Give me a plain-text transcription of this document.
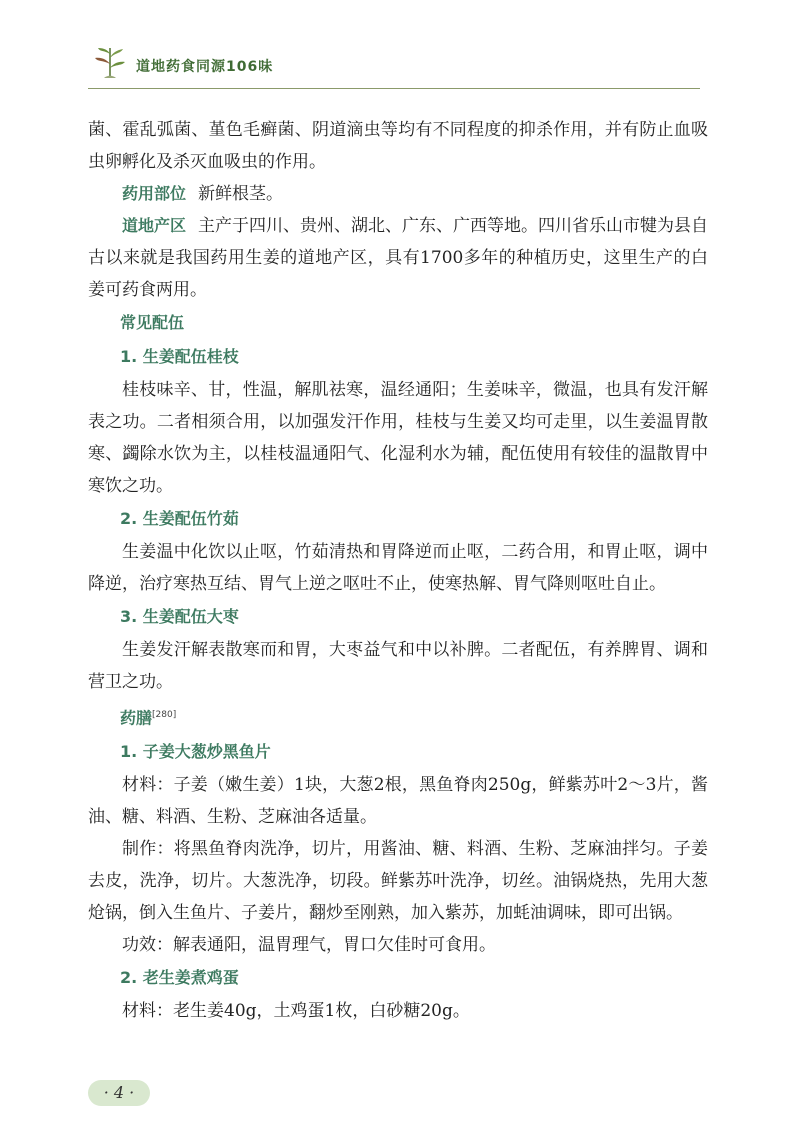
道地药食同源106味

菌、霍乱弧菌、堇色毛癣菌、阴道滴虫等均有不同程度的抑杀作用，并有防止血吸虫卵孵化及杀灭血吸虫的作用。

药用部位 新鲜根茎。

道地产区 主产于四川、贵州、湖北、广东、广西等地。四川省乐山市犍为县自古以来就是我国药用生姜的道地产区，具有1700多年的种植历史，这里生产的白姜可药食两用。

常见配伍
1. 生姜配伍桂枝

桂枝味辛、甘，性温，解肌祛寒，温经通阳；生姜味辛，微温，也具有发汗解表之功。二者相须合用，以加强发汗作用，桂枝与生姜又均可走里，以生姜温胃散寒、蠲除水饮为主，以桂枝温通阳气、化湿利水为辅，配伍使用有较佳的温散胃中寒饮之功。

2. 生姜配伍竹茹

生姜温中化饮以止呕，竹茹清热和胃降逆而止呕，二药合用，和胃止呕，调中降逆，治疗寒热互结、胃气上逆之呕吐不止，使寒热解、胃气降则呕吐自止。

3. 生姜配伍大枣

生姜发汗解表散寒而和胃，大枣益气和中以补脾。二者配伍，有养脾胃、调和营卫之功。

药膳[280]
1. 子姜大葱炒黑鱼片

材料：子姜（嫩生姜）1块，大葱2根，黑鱼脊肉250g，鲜紫苏叶2～3片，酱油、糖、料酒、生粉、芝麻油各适量。

制作：将黑鱼脊肉洗净，切片，用酱油、糖、料酒、生粉、芝麻油拌匀。子姜去皮，洗净，切片。大葱洗净，切段。鲜紫苏叶洗净，切丝。油锅烧热，先用大葱炝锅，倒入生鱼片、子姜片，翻炒至刚熟，加入紫苏，加蚝油调味，即可出锅。

功效：解表通阳，温胃理气，胃口欠佳时可食用。

2. 老生姜煮鸡蛋

材料：老生姜40g，土鸡蛋1枚，白砂糖20g。

· 4 ·
